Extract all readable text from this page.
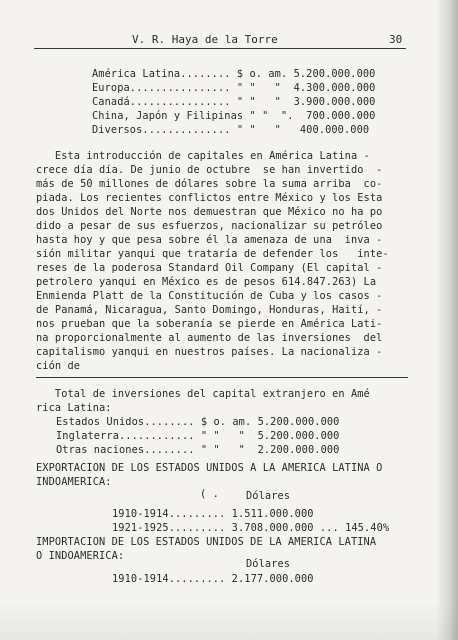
V. R. Haya de la Torre	30
América Latina........ $ o. am. 5.200.000.000
Europa................ " "   "  4.300.000.000
Canadá................ " "   "  3.900.000.000
China, Japón y Filipinas " "  ".  700.000.000
Diversos.............. " "   "   400.000.000
Esta introducción de capitales en América Latina -
crece día día. De junio de octubre  se han invertido  -
más de 50 millones de dólares sobre la suma arriba  co-
piada. Los recientes conflictos entre México y los Esta
dos Unidos del Norte nos demuestran que México no ha po
dido a pesar de sus esfuerzos, nacionalizar su petróleo
hasta hoy y que pesa sobre él la amenaza de una  inva -
sión militar yanqui que trataría de defender los   inte-
reses de la poderosa Standard Oil Company (El capital -
petrolero yanqui en México es de pesos 614.847.263) La
Enmienda Platt de la Constitución de Cuba y los casos -
de Panamá, Nicaragua, Santo Domingo, Honduras, Haití, -
nos prueban que la soberanía se pierde en América Lati-
na proporcionalmente al aumento de las inversiones  del
capitalismo yanqui en nuestros países. La nacionaliza -
ción de
Total de inversiones del capital extranjero en Amé
rica Latina:
Estados Unidos........ $ o. am. 5.200.000.000
Inglaterra............ " "   "  5.200.000.000
Otras naciones........ " "   "  2.200.000.000
EXPORTACION DE LOS ESTADOS UNIDOS A LA AMERICA LATINA O
INDOAMERICA:
( .	Dólares
1910-1914......... 1.511.000.000
1921-1925......... 3.708.000.000 ... 145.40%
IMPORTACION DE LOS ESTADOS UNIDOS DE LA AMERICA LATINA
O INDOAMERICA:
Dólares
1910-1914......... 2.177.000.000
